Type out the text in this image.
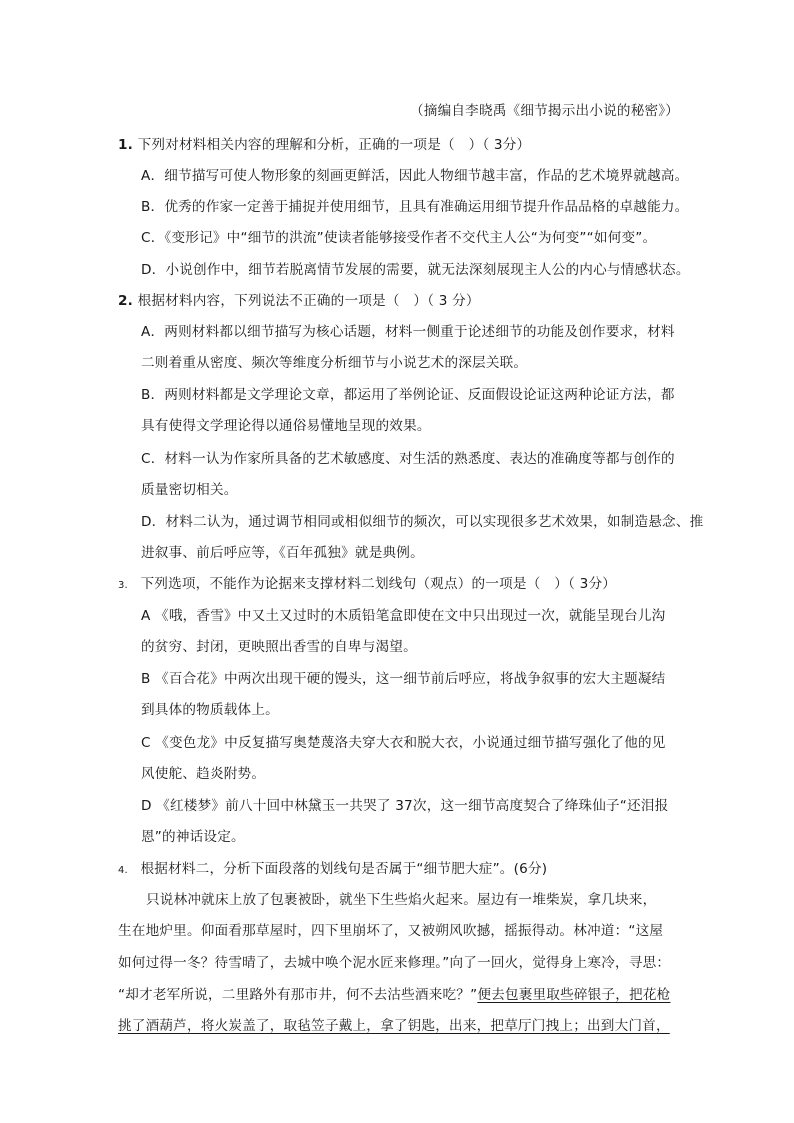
（摘编自李晓禹《细节揭示出小说的秘密》）
1. 下列对材料相关内容的理解和分析，正确的一项是（　）（ 3分）
A．细节描写可使人物形象的刻画更鲜活，因此人物细节越丰富，作品的艺术境界就越高。
B．优秀的作家一定善于捕捉并使用细节，且具有准确运用细节提升作品品格的卓越能力。
C．《变形记》中“细节的洪流”使读者能够接受作者不交代主人公“为何变”“如何变”。
D．小说创作中，细节若脱离情节发展的需要，就无法深刻展现主人公的内心与情感状态。
2. 根据材料内容，下列说法不正确的一项是（　）（ 3 分）
A．两则材料都以细节描写为核心话题，材料一侧重于论述细节的功能及创作要求，材料
二则着重从密度、频次等维度分析细节与小说艺术的深层关联。
B．两则材料都是文学理论文章，都运用了举例论证、反面假设论证这两种论证方法，都
具有使得文学理论得以通俗易懂地呈现的效果。
C．材料一认为作家所具备的艺术敏感度、对生活的熟悉度、表达的准确度等都与创作的
质量密切相关。
D．材料二认为，通过调节相同或相似细节的频次，可以实现很多艺术效果，如制造悬念、推
进叙事、前后呼应等，《百年孤独》就是典例。
3. 下列选项，不能作为论据来支撑材料二划线句（观点）的一项是（　）（ 3分）
A 《哦，香雪》中又土又过时的木质铅笔盒即使在文中只出现过一次，就能呈现台儿沟
的贫穷、封闭，更映照出香雪的自卑与渴望。
B 《百合花》中两次出现干硬的馒头，这一细节前后呼应，将战争叙事的宏大主题凝结
到具体的物质载体上。
C 《变色龙》中反复描写奥楚蔑洛夫穿大衣和脱大衣，小说通过细节描写强化了他的见
风使舵、趋炎附势。
D 《红楼梦》前八十回中林黛玉一共哭了 37次，这一细节高度契合了绛珠仙子“还泪报
恩”的神话设定。
4. 根据材料二，分析下面段落的划线句是否属于“细节肥大症”。(6分)
只说林冲就床上放了包裹被卧，就坐下生些焰火起来。屋边有一堆柴炭，拿几块来，
生在地炉里。仰面看那草屋时，四下里崩坏了，又被朔风吹撼，摇振得动。林冲道：“这屋
如何过得一冬？待雪晴了，去城中唤个泥水匠来修理。”向了一回火，觉得身上寒冷，寻思：
“却才老军所说，二里路外有那市井，何不去沽些酒来吃？”便去包裹里取些碎银子，把花枪
挑了酒葫芦，将火炭盖了，取毡笠子戴上，拿了钥匙，出来，把草厅门拽上；出到大门首，
